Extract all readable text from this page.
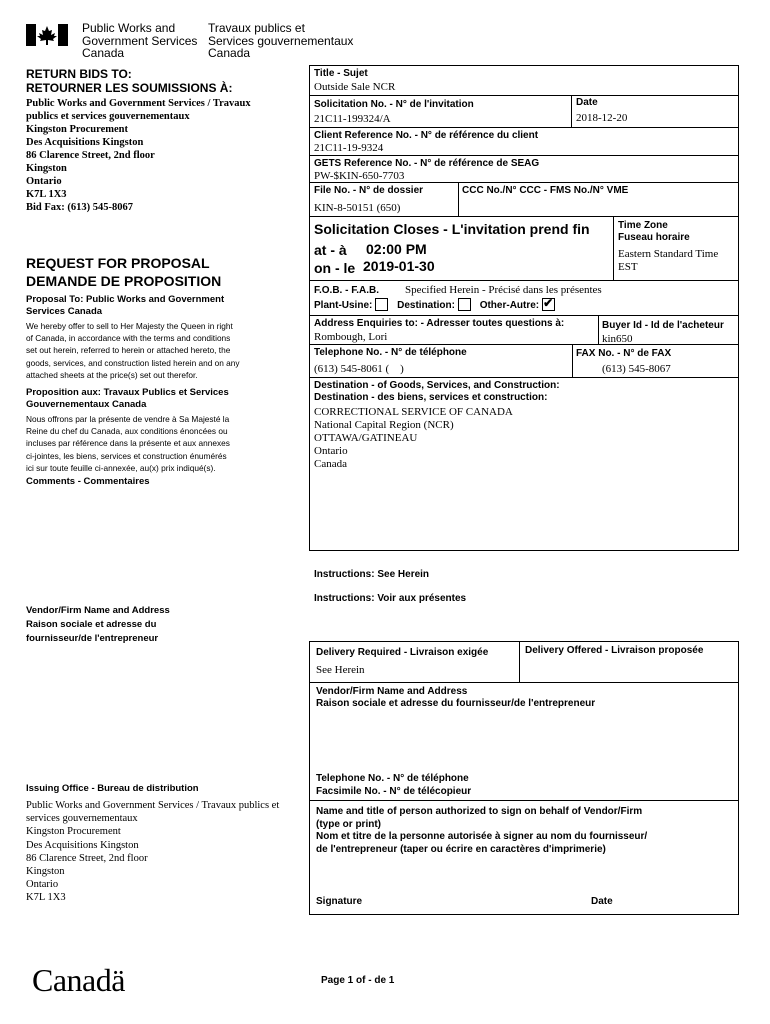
Public Works and
Government Services
Canada
Travaux publics et
Services gouvernementaux
Canada
RETURN BIDS TO:
RETOURNER LES SOUMISSIONS À:
Public Works and Government Services / Travaux
publics et services gouvernementaux
Kingston Procurement
Des Acquisitions Kingston
86 Clarence Street, 2nd floor
Kingston
Ontario
K7L 1X3
Bid Fax: (613) 545-8067
REQUEST FOR PROPOSAL
DEMANDE DE PROPOSITION
Proposal To: Public Works and Government
Services Canada
We hereby offer to sell to Her Majesty the Queen in right
of Canada, in accordance with the terms and conditions
set out herein, referred to herein or attached hereto, the
goods, services, and construction listed herein and on any
attached sheets at the price(s) set out therefor.
Proposition aux: Travaux Publics et Services
Gouvernementaux Canada
Nous offrons par la présente de vendre à Sa Majesté la
Reine du chef du Canada, aux conditions énoncées ou
incluses par référence dans la présente et aux annexes
ci-jointes, les biens, services et construction énumérés
ici sur toute feuille ci-annexée, au(x) prix indiqué(s).
Comments - Commentaires
Vendor/Firm Name and Address
Raison sociale et adresse du
fournisseur/de l'entrepreneur
Issuing Office - Bureau de distribution
Public Works and Government Services / Travaux publics et
services gouvernementaux
Kingston Procurement
Des Acquisitions Kingston
86 Clarence Street, 2nd floor
Kingston
Ontario
K7L 1X3
Canadä
Title - Sujet
Outside Sale NCR
Solicitation No. - N° de l'invitation
21C11-199324/A
Date
2018-12-20
Client Reference No. - N° de référence du client
21C11-19-9324
GETS Reference No. - N° de référence de SEAG
PW-$KIN-650-7703
File No. - N° de dossier
KIN-8-50151 (650)
CCC No./N° CCC - FMS No./N° VME
Solicitation Closes - L'invitation prend fin
at - à 02:00 PM
on - le 2019-01-30
Time Zone
Fuseau horaire
Eastern Standard Time
EST
F.O.B. - F.A.B. Specified Herein - Précisé dans les présentes
Plant-Usine: Destination: Other-Autre: ✔
Address Enquiries to: - Adresser toutes questions à:
Rombough, Lori
Buyer Id - Id de l'acheteur
kin650
Telephone No. - N° de téléphone
(613) 545-8061 (    )
FAX No. - N° de FAX
(613) 545-8067
Destination - of Goods, Services, and Construction:
Destination - des biens, services et construction:
CORRECTIONAL SERVICE OF CANADA
National Capital Region (NCR)
OTTAWA/GATINEAU
Ontario
Canada
Instructions: See Herein
Instructions: Voir aux présentes
Delivery Required - Livraison exigée
See Herein
Delivery Offered - Livraison proposée
Vendor/Firm Name and Address
Raison sociale et adresse du fournisseur/de l'entrepreneur
Telephone No. - N° de téléphone
Facsimile No. - N° de télécopieur
Name and title of person authorized to sign on behalf of Vendor/Firm
(type or print)
Nom et titre de la personne autorisée à signer au nom du fournisseur/
de l'entrepreneur (taper ou écrire en caractères d'imprimerie)
Signature	Date
Page 1 of - de 1
